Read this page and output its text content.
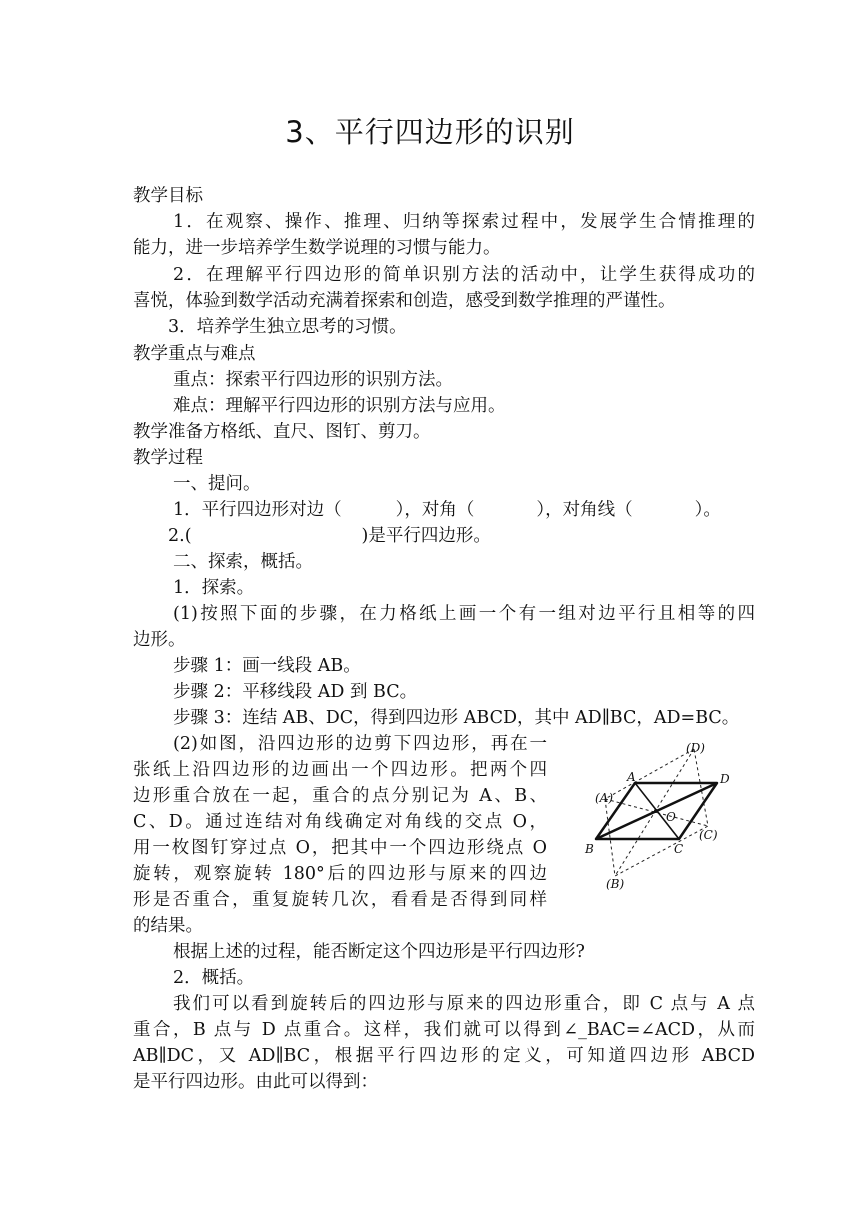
3、平行四边形的识别
教学目标
1．在观察、操作、推理、归纳等探索过程中，发展学生合情推理的
能力，进一步培养学生数学说理的习惯与能力。
2．在理解平行四边形的简单识别方法的活动中，让学生获得成功的
喜悦，体验到数学活动充满着探索和创造，感受到数学推理的严谨性。
3．培养学生独立思考的习惯。
教学重点与难点
重点：探索平行四边形的识别方法。
难点：理解平行四边形的识别方法与应用。
教学准备方格纸、直尺、图钉、剪刀。
教学过程
一、提问。
1．平行四边形对边（	），对角（	），对角线（	）。
2.(	)是平行四边形。
二、探索，概括。
1．探索。
(1)按照下面的步骤，在力格纸上画一个有一组对边平行且相等的四
边形。
步骤 1：画一线段 AB。
步骤 2：平移线段 AD 到 BC。
步骤 3：连结 AB、DC，得到四边形 ABCD，其中 AD∥BC，AD=BC。
(2)如图，沿四边形的边剪下四边形，再在一
张纸上沿四边形的边画出一个四边形。把两个四
边形重合放在一起，重合的点分别记为 A、B、
C、D。通过连结对角线确定对角线的交点 O，
用一枚图钉穿过点 O，把其中一个四边形绕点 O
旋转，观察旋转 180°后的四边形与原来的四边
形是否重合，重复旋转几次，看看是否得到同样
的结果。
根据上述的过程，能否断定这个四边形是平行四边形?
2．概括。
我们可以看到旋转后的四边形与原来的四边形重合，即 C 点与 A 点
重合，B 点与 D 点重合。这样，我们就可以得到∠_BAC=∠ACD，从而
AB∥DC，又 AD∥BC，根据平行四边形的定义，可知道四边形 ABCD
是平行四边形。由此可以得到：
(D)
A	D
(A)
O
(C)
B	C
(B)
